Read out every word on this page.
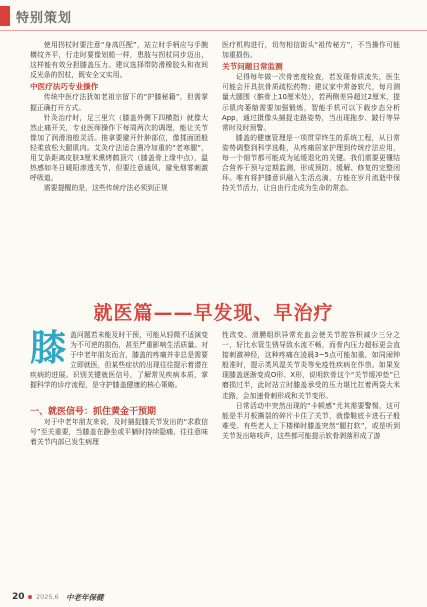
特别策划

使用拐杖时要注意“身高匹配”，站立时手柄应与手腕横纹齐平，行走时要像划船一样，患肢与拐杖同步迈出，这样能有效分担膝盖压力。建议选择带防滑橡胶头和夜间反光条的拐杖，既安全又实用。

中医疗法巧专业操作

传统中医疗法犹如老祖宗留下的“护膝秘籍”，但需掌握正确打开方式。

针灸治疗时，足三里穴（膝盖外侧下四横指）就像大然止痛开关，专业医师操作下每周两次的调理，能让关节像加了润滑油般灵活。推拿要避开针肿部位，像揉面团般轻柔放松大腿肌肉。艾灸疗法适合遇冷加重的“老寒腿”，用艾条距离皮肤3厘米熏烤鹤顶穴（膝盖骨上缘中点），温热感如冬日暖阳渗透关节，但要注意通风，避免烟雾刺激呼吸道。

需要提醒的是，这些传统疗法必须到正规

医疗机构进行，切勿相信街头“祖传秘方”，不当操作可能加重损伤。

关节问题日常监测

记得每年做一次骨密度检查，若发现骨质流失，医生可能会开具抗骨质疏松药物；建议家中常备软尺，每月测量大腿围（髌骨上10厘米处），若两侧差异超过2厘米，提示肌肉萎缩需要加强锻炼，智能手机可以下载步态分析App，通过摄像头捕捉走路姿势，当出现拖步、跛行等异常时及时预警。

膝盖的健康管理是一项贯穿终生的系统工程，从日常姿势调整到科学选鞋，从疼痛居家护理到传统疗法应用，每一个细节都可能成为延缓退化的关键。我们需要更懂结合营养干预与定期监测，形成预防、缓解、修复的完整闭环。唯有将护膝意识融入生活点滴，方能在岁月流逝中保持关节活力，让自由行走成为生命的常态。

就医篇——早发现、早治疗

膝盖问题若未能及时干预，可能从轻微不适演变为不可逆的损伤，甚至严重影响生活质量。对于中老年朋友而言，膝盖的疼痛并非总是需要立即就医，但某些症状的出现往往提示着潜在疾病的进展。识别关键就医信号，了解常见疾病本质，掌握科学的诊疗流程，是守护膝盖健康的核心策略。

一、就医信号：抓住黄金干预期

对于中老年朋友来说，及时捕捉膝关节发出的“求救信号”至关重要，当膝盖在静坐或平躺时持续隐痛，往往意味着关节内部已发生病理

性改变。滑膜组织异常充血会使关节腔容积减少三分之一，好比水管生锈导致水流不畅，而骨内压力超标更会直接刺激神经，这种疼痛在凌晨3~5点可能加重，如同闹钟般准时，提示类风湿关节炎等免疫性疾病在作祟。如果发现膝盖逐渐变成O形、X形，说明软骨这个“关节缓冲垫”已磨损过半，此时站立时膝盖承受的压力堪比扛着两袋大米走路，会加速骨刺形成和关节变形。

日常活动中突然出现的“卡顿感”尤其需要警惕，这可能是半月板撕裂的碎片卡住了关节，就像鞋底卡进石子般难受。有些老人上下楼梯时膝盖突然“腿打软”，或是听到关节发出咯吱声，这些都可能提示软骨剥落形成了游

20 2025.6 中老年保健
